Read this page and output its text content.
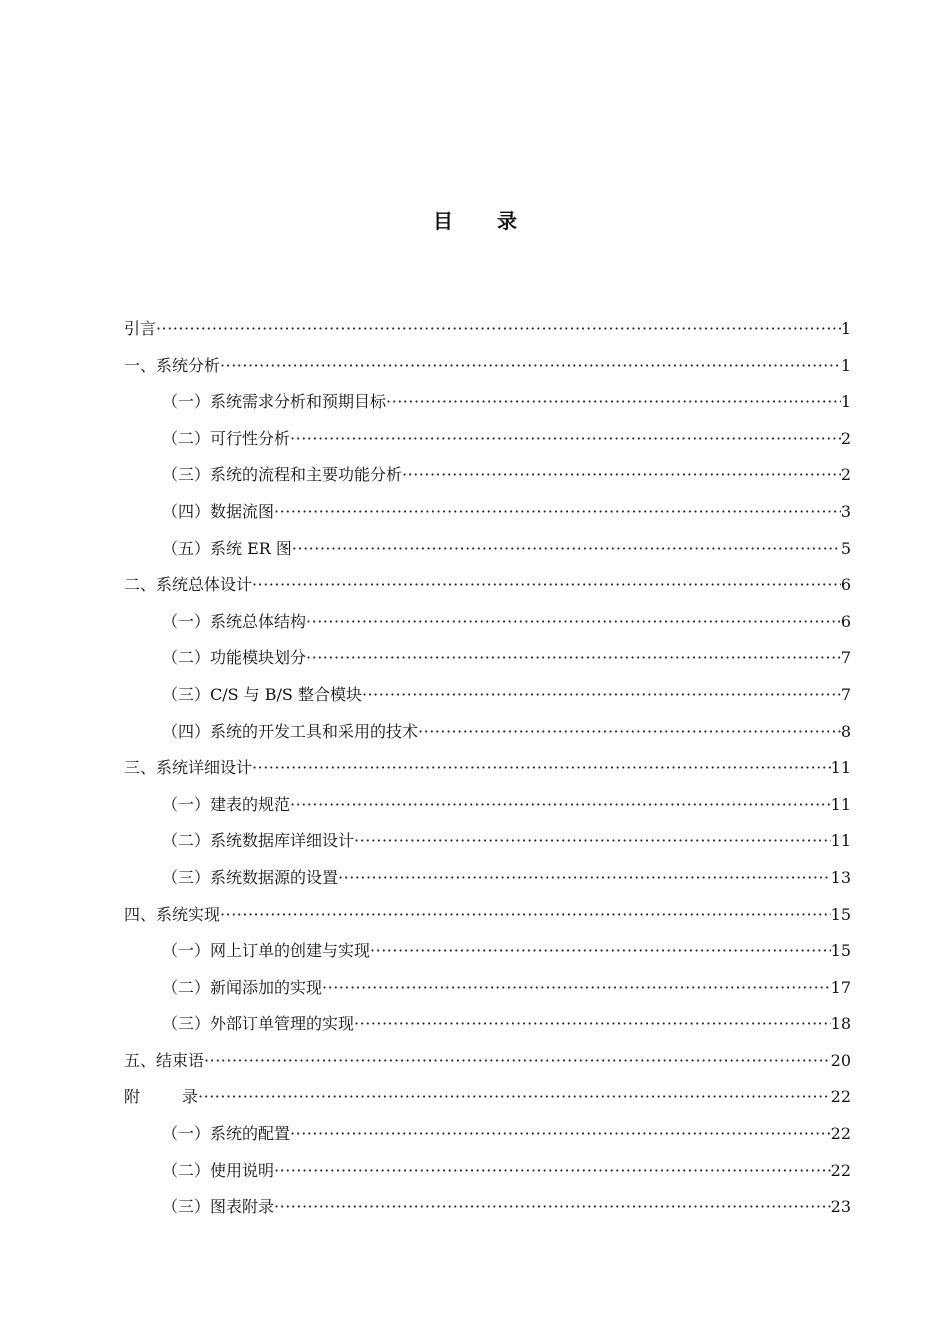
目 录
引言 ·····	1
一、系统分析 ·····	1
（一）系统需求分析和预期目标 ·····	1
（二）可行性分析 ·····	2
（三）系统的流程和主要功能分析 ·····	2
（四）数据流图 ·····	3
（五）系统 ER 图 ·····	5
二、系统总体设计 ·····	6
（一）系统总体结构 ·····	6
（二）功能模块划分 ·····	7
（三）C/S 与 B/S 整合模块 ·····	7
（四）系统的开发工具和采用的技术 ·····	8
三、系统详细设计 ·····	11
（一）建表的规范 ·····	11
（二）系统数据库详细设计 ·····	11
（三）系统数据源的设置 ·····	13
四、系统实现 ·····	15
（一）网上订单的创建与实现 ·····	15
（二）新闻添加的实现 ·····	17
（三）外部订单管理的实现 ·····	18
五、结束语 ·····	20
附	录 ·····	22
（一）系统的配置 ·····	22
（二）使用说明 ·····	22
（三）图表附录 ·····	23
